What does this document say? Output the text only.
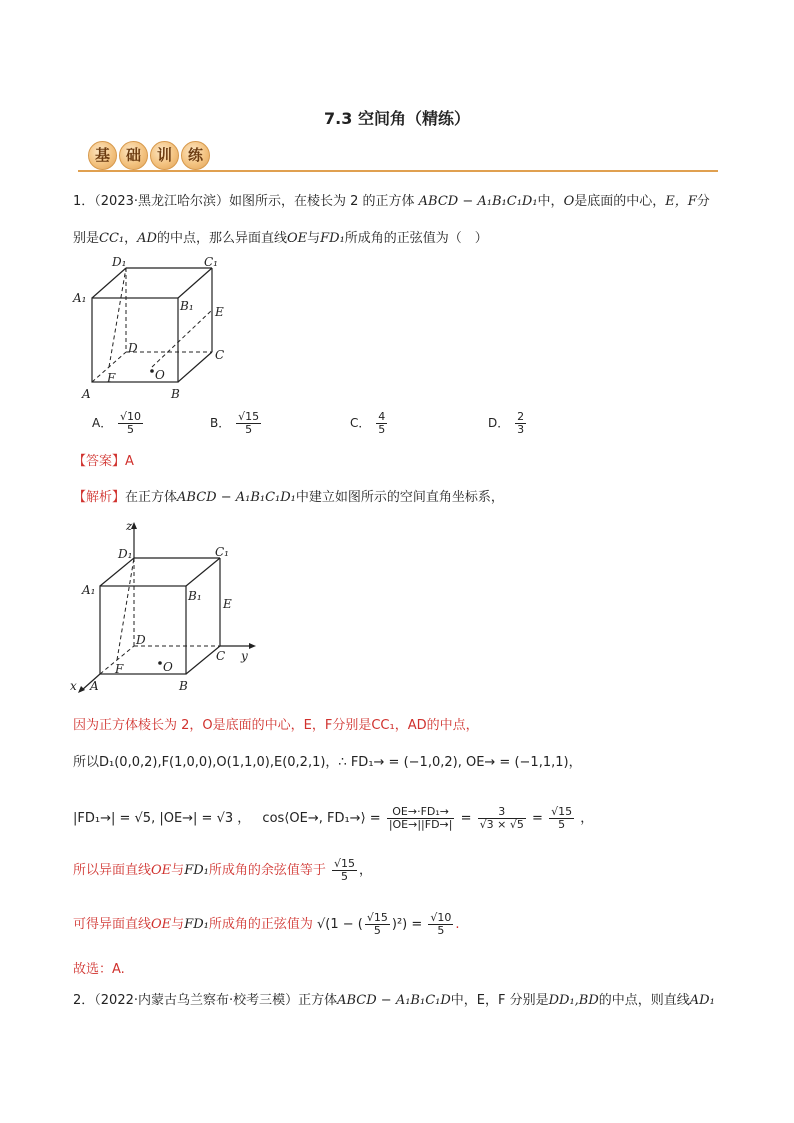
7.3 空间角（精练）
基	础	训	练
1．（2023·黑龙江哈尔滨）如图所示，在棱长为 2 的正方体 ABCD − A₁B₁C₁D₁中，O是底面的中心，E，F分
别是CC₁，AD的中点，那么异面直线OE与FD₁所成角的正弦值为（　）
D₁	C₁
A₁
B₁ E
D	C
F	O
A	B
A． $\frac{√10}{5}$	B． $\frac{√15}{5}$	C． $\frac{4}{5}$	D． $\frac{2}{3}$
【答案】A
【解析】在正方体ABCD − A₁B₁C₁D₁中建立如图所示的空间直角坐标系，
z
D₁	C₁
A₁	B₁
E
D
C y
F	O
x A	B
因为正方体棱长为 2，O是底面的中心，E，F分别是CC₁，AD的中点，
所以D₁(0,0,2),F(1,0,0),O(1,1,0),E(0,2,1)，∴ FD₁→ = (−1,0,2), OE→ = (−1,1,1)，
|FD₁→| = √5, |OE→| = √3 ， cos⟨OE→, FD₁→⟩ = $\frac{\text{OE→·FD₁→}}{|OE\to||FD\to|} = \frac{3}{√3 \times √5} = \frac{√15}{5}$ ，
所以异面直线OE与FD₁所成角的余弦值等于 $\frac{√15}{5}$ ，
可得异面直线OE与FD₁所成角的正弦值为 √(1 − ( $\frac{√15}{5} )^2) = \frac{√10}{5}$ .
故选：A.
2．（2022·内蒙古乌兰察布·校考三模）正方体ABCD − A₁B₁C₁D中，E，F 分别是DD₁,BD的中点，则直线AD₁
